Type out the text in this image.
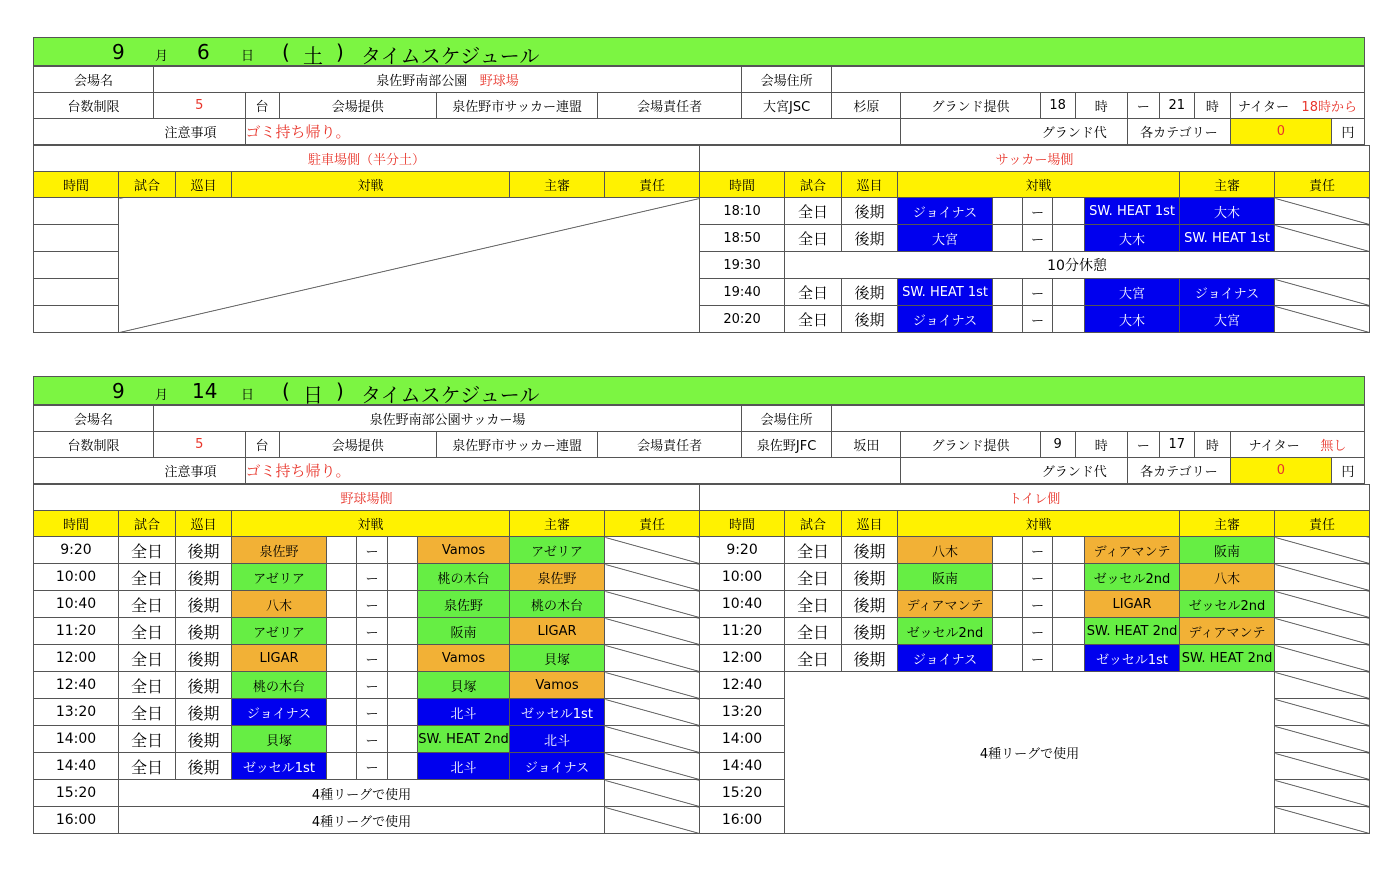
9 月 6 日 ( 土 ) タイムスケジュール
会場名	泉佐野南部公園 野球場					会場住所									
台数制限	5	台	会場提供	泉佐野市サッカー連盟	会場責任者	大宮JSC	杉原	グランド提供	18	時	ー	21	時	ナイター 18時から	
注意事項		ゴミ持ち帰り。						グランド代			各カテゴリー			0	円
駐車場側（半分土）						サッカー場側									
時間	試合	巡目	対戦	主審	責任	時間	試合	巡目	対戦					主審	責任
						18:10	全日	後期	ジョイナス		ー		SW. HEAT 1st	大木	
						18:50	全日	後期	大宮		ー		大木	SW. HEAT 1st	
						19:30	10分休憩								
						19:40	全日	後期	SW. HEAT 1st		ー		大宮	ジョイナス	
						20:20	全日	後期	ジョイナス		ー		大木	大宮	
9 月 14 日 ( 日 ) タイムスケジュール
会場名	泉佐野南部公園サッカー場					会場住所									
台数制限	5	台	会場提供	泉佐野市サッカー連盟	会場責任者	泉佐野JFC	坂田	グランド提供	9	時	ー	17	時	ナイター 無し	
注意事項		ゴミ持ち帰り。						グランド代			各カテゴリー			0	円
野球場側										トイレ側									
時間	試合	巡目	対戦					主審	責任	時間	試合	巡目	対戦					主審	責任
9:20	全日	後期	泉佐野		ー		Vamos	アゼリア		9:20	全日	後期	八木		ー		ディアマンテ	阪南	
10:00	全日	後期	アゼリア		ー		桃の木台	泉佐野		10:00	全日	後期	阪南		ー		ゼッセル2nd	八木	
10:40	全日	後期	八木		ー		泉佐野	桃の木台		10:40	全日	後期	ディアマンテ		ー		LIGAR	ゼッセル2nd	
11:20	全日	後期	アゼリア		ー		阪南	LIGAR		11:20	全日	後期	ゼッセル2nd		ー		SW. HEAT 2nd	ディアマンテ	
12:00	全日	後期	LIGAR		ー		Vamos	貝塚		12:00	全日	後期	ジョイナス		ー		ゼッセル1st	SW. HEAT 2nd	
12:40	全日	後期	桃の木台		ー		貝塚	Vamos		12:40	4種リーグで使用								
13:20	全日	後期	ジョイナス		ー		北斗	ゼッセル1st		13:20									
14:00	全日	後期	貝塚		ー		SW. HEAT 2nd	北斗		14:00									
14:40	全日	後期	ゼッセル1st		ー		北斗	ジョイナス		14:40									
15:20	4種リーグで使用									15:20									
16:00	4種リーグで使用									16:00									
